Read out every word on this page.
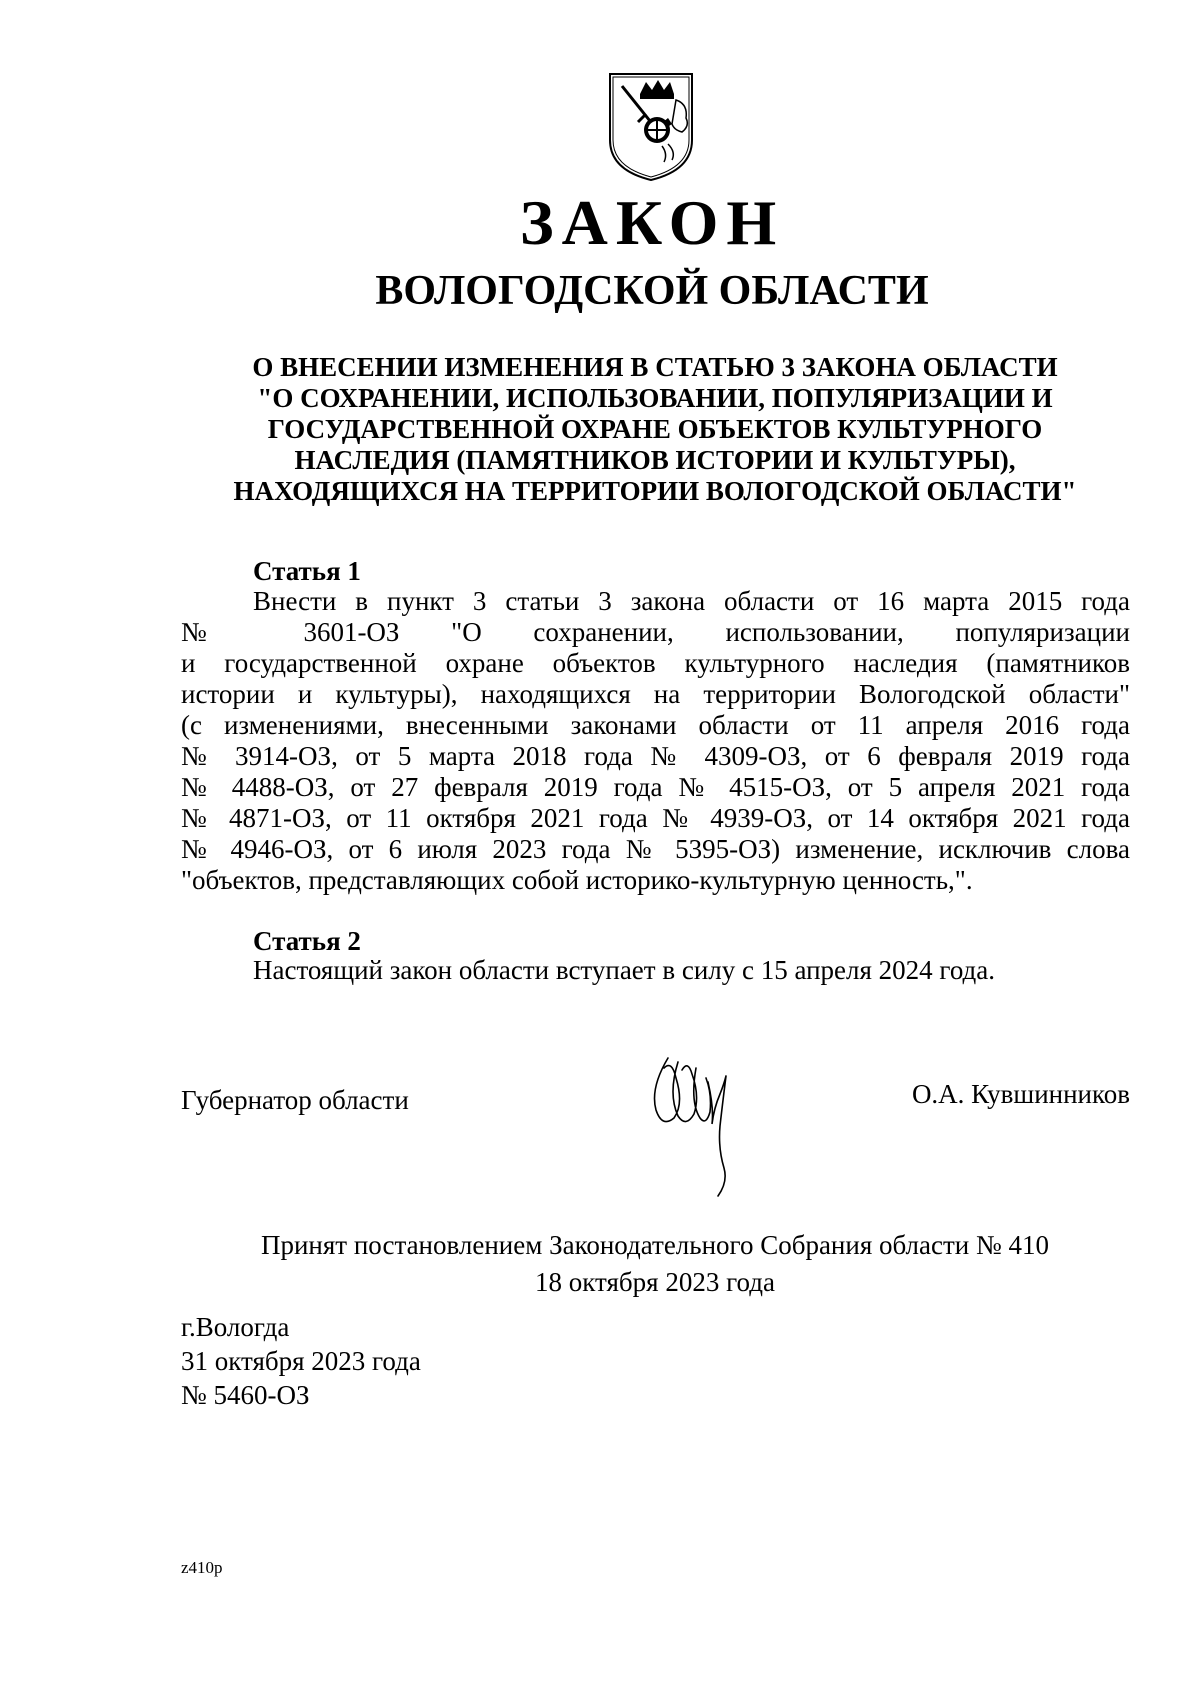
ЗАКОН
ВОЛОГОДСКОЙ ОБЛАСТИ
О ВНЕСЕНИИ ИЗМЕНЕНИЯ В СТАТЬЮ 3 ЗАКОНА ОБЛАСТИ
"О СОХРАНЕНИИ, ИСПОЛЬЗОВАНИИ, ПОПУЛЯРИЗАЦИИ И
ГОСУДАРСТВЕННОЙ ОХРАНЕ ОБЪЕКТОВ КУЛЬТУРНОГО
НАСЛЕДИЯ (ПАМЯТНИКОВ ИСТОРИИ И КУЛЬТУРЫ),
НАХОДЯЩИХСЯ НА ТЕРРИТОРИИ ВОЛОГОДСКОЙ ОБЛАСТИ"
Статья 1
Внести в пункт 3 статьи 3 закона области от 16 марта 2015 года
№ 3601-ОЗ "О сохранении, использовании, популяризации
и государственной охране объектов культурного наследия (памятников
истории и культуры), находящихся на территории Вологодской области"
(с изменениями, внесенными законами области от 11 апреля 2016 года
№ 3914-ОЗ, от 5 марта 2018 года № 4309-ОЗ, от 6 февраля 2019 года
№ 4488-ОЗ, от 27 февраля 2019 года № 4515-ОЗ, от 5 апреля 2021 года
№ 4871-ОЗ, от 11 октября 2021 года № 4939-ОЗ, от 14 октября 2021 года
№ 4946-ОЗ, от 6 июля 2023 года № 5395-ОЗ) изменение, исключив слова
"объектов, представляющих собой историко-культурную ценность,".
Статья 2
Настоящий закон области вступает в силу с 15 апреля 2024 года.
Губернатор области	О.А. Кувшинников
Принят постановлением Законодательного Собрания области № 410
18 октября 2023 года
г.Вологда
31 октября 2023 года
№ 5460-ОЗ
z410p
